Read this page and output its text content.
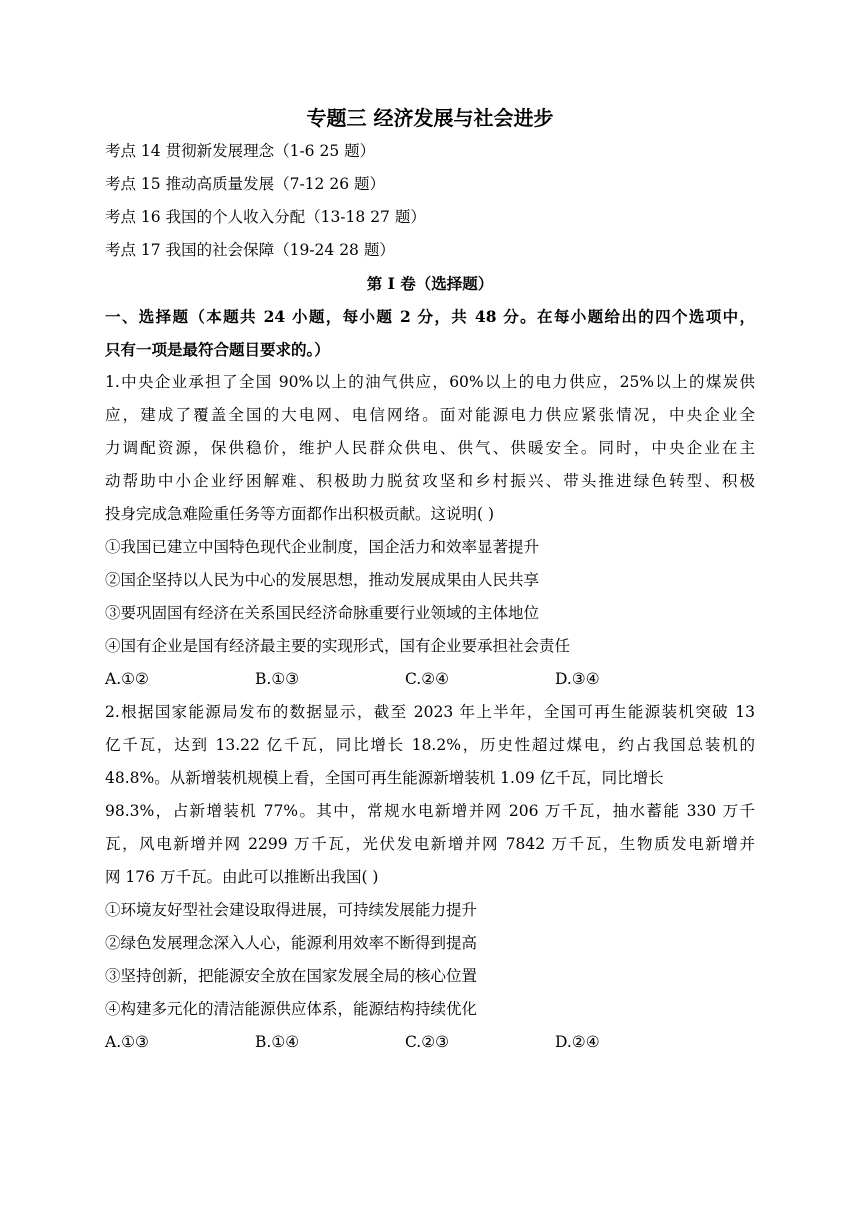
专题三 经济发展与社会进步

考点 14 贯彻新发展理念（1-6 25 题）

考点 15 推动高质量发展（7-12 26 题）

考点 16 我国的个人收入分配（13-18 27 题）

考点 17 我国的社会保障（19-24 28 题）

第 I 卷（选择题）

一、选择题（本题共 24 小题，每小题 2 分，共 48 分。在每小题给出的四个选项中，

只有一项是最符合题目要求的。）

1.中央企业承担了全国 90%以上的油气供应，60%以上的电力供应，25%以上的煤炭供

应，建成了覆盖全国的大电网、电信网络。面对能源电力供应紧张情况，中央企业全

力调配资源，保供稳价，维护人民群众供电、供气、供暖安全。同时，中央企业在主

动帮助中小企业纾困解难、积极助力脱贫攻坚和乡村振兴、带头推进绿色转型、积极

投身完成急难险重任务等方面都作出积极贡献。这说明( )

①我国已建立中国特色现代企业制度，国企活力和效率显著提升

②国企坚持以人民为中心的发展思想，推动发展成果由人民共享

③要巩固国有经济在关系国民经济命脉重要行业领域的主体地位

④国有企业是国有经济最主要的实现形式，国有企业要承担社会责任

A.①②	B.①③	C.②④	D.③④

2.根据国家能源局发布的数据显示，截至 2023 年上半年，全国可再生能源装机突破 13

亿千瓦，达到 13.22 亿千瓦，同比增长 18.2%，历史性超过煤电，约占我国总装机的

48.8%。从新增装机规模上看，全国可再生能源新增装机 1.09 亿千瓦，同比增长

98.3%，占新增装机 77%。其中，常规水电新增并网 206 万千瓦，抽水蓄能 330 万千

瓦，风电新增并网 2299 万千瓦，光伏发电新增并网 7842 万千瓦，生物质发电新增并

网 176 万千瓦。由此可以推断出我国( )

①环境友好型社会建设取得进展，可持续发展能力提升

②绿色发展理念深入人心，能源利用效率不断得到提高

③坚持创新，把能源安全放在国家发展全局的核心位置

④构建多元化的清洁能源供应体系，能源结构持续优化

A.①③	B.①④	C.②③	D.②④
